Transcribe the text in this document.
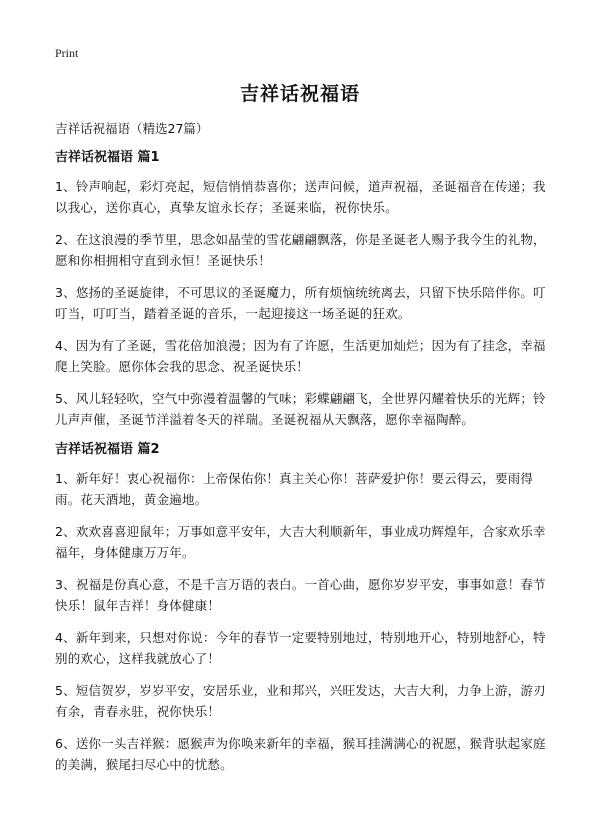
Print
吉祥话祝福语

吉祥话祝福语（精选27篇）

吉祥话祝福语 篇1

1、铃声响起，彩灯亮起，短信悄悄恭喜你；送声问候，道声祝福，圣诞福音在传递；我以我心，送你真心，真挚友谊永长存；圣诞来临，祝你快乐。

2、在这浪漫的季节里，思念如晶莹的雪花翩翩飘落，你是圣诞老人赐予我今生的礼物，愿和你相拥相守直到永恒！圣诞快乐！

3、悠扬的圣诞旋律，不可思议的圣诞魔力，所有烦恼统统离去，只留下快乐陪伴你。叮叮当，叮叮当，踏着圣诞的音乐，一起迎接这一场圣诞的狂欢。

4、因为有了圣诞，雪花倍加浪漫；因为有了许愿，生活更加灿烂；因为有了挂念，幸福爬上笑脸。愿你体会我的思念、祝圣诞快乐！

5、风儿轻轻吹，空气中弥漫着温馨的气味；彩蝶翩翩飞，全世界闪耀着快乐的光辉；铃儿声声催，圣诞节洋溢着冬天的祥瑞。圣诞祝福从天飘落，愿你幸福陶醉。

吉祥话祝福语 篇2

1、新年好！衷心祝福你：上帝保佑你！真主关心你！菩萨爱护你！要云得云，要雨得雨。花天酒地，黄金遍地。

2、欢欢喜喜迎鼠年；万事如意平安年，大吉大利顺新年，事业成功辉煌年，合家欢乐幸福年，身体健康万万年。

3、祝福是份真心意，不是千言万语的表白。一首心曲，愿你岁岁平安，事事如意！春节快乐！鼠年吉祥！身体健康！

4、新年到来，只想对你说：今年的春节一定要特别地过，特别地开心，特别地舒心，特别的欢心，这样我就放心了！

5、短信贺岁，岁岁平安，安居乐业，业和邦兴，兴旺发达，大吉大利，力争上游，游刃有余，青春永驻，祝你快乐！

6、送你一头吉祥猴：愿猴声为你唤来新年的幸福，猴耳挂满满心的祝愿，猴背驮起家庭的美满，猴尾扫尽心中的忧愁。
